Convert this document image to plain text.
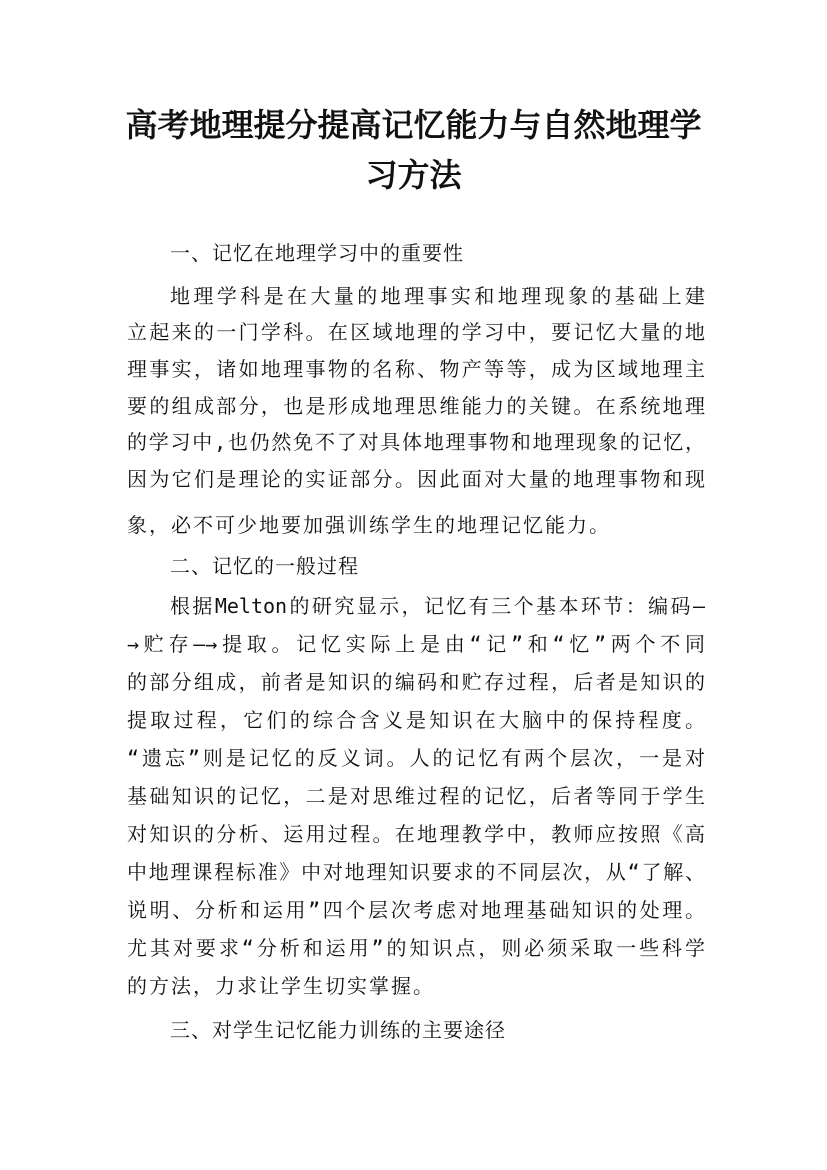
高考地理提分提高记忆能力与自然地理学
习方法
一、记忆在地理学习中的重要性
地理学科是在大量的地理事实和地理现象的基础上建
立起来的一门学科。在区域地理的学习中，要记忆大量的地
理事实，诸如地理事物的名称、物产等等，成为区域地理主
要的组成部分，也是形成地理思维能力的关键。在系统地理
的学习中,也仍然免不了对具体地理事物和地理现象的记忆，
因为它们是理论的实证部分。因此面对大量的地理事物和现
象，必不可少地要加强训练学生的地理记忆能力。
二、记忆的一般过程
根据Melton的研究显示，记忆有三个基本环节：编码—
→贮存—→提取。记忆实际上是由“记”和“忆”两个不同
的部分组成，前者是知识的编码和贮存过程，后者是知识的
提取过程，它们的综合含义是知识在大脑中的保持程度。
“遗忘”则是记忆的反义词。人的记忆有两个层次，一是对
基础知识的记忆，二是对思维过程的记忆，后者等同于学生
对知识的分析、运用过程。在地理教学中，教师应按照《高
中地理课程标准》中对地理知识要求的不同层次，从“了解、
说明、分析和运用”四个层次考虑对地理基础知识的处理。
尤其对要求“分析和运用”的知识点，则必须采取一些科学
的方法，力求让学生切实掌握。
三、对学生记忆能力训练的主要途径
